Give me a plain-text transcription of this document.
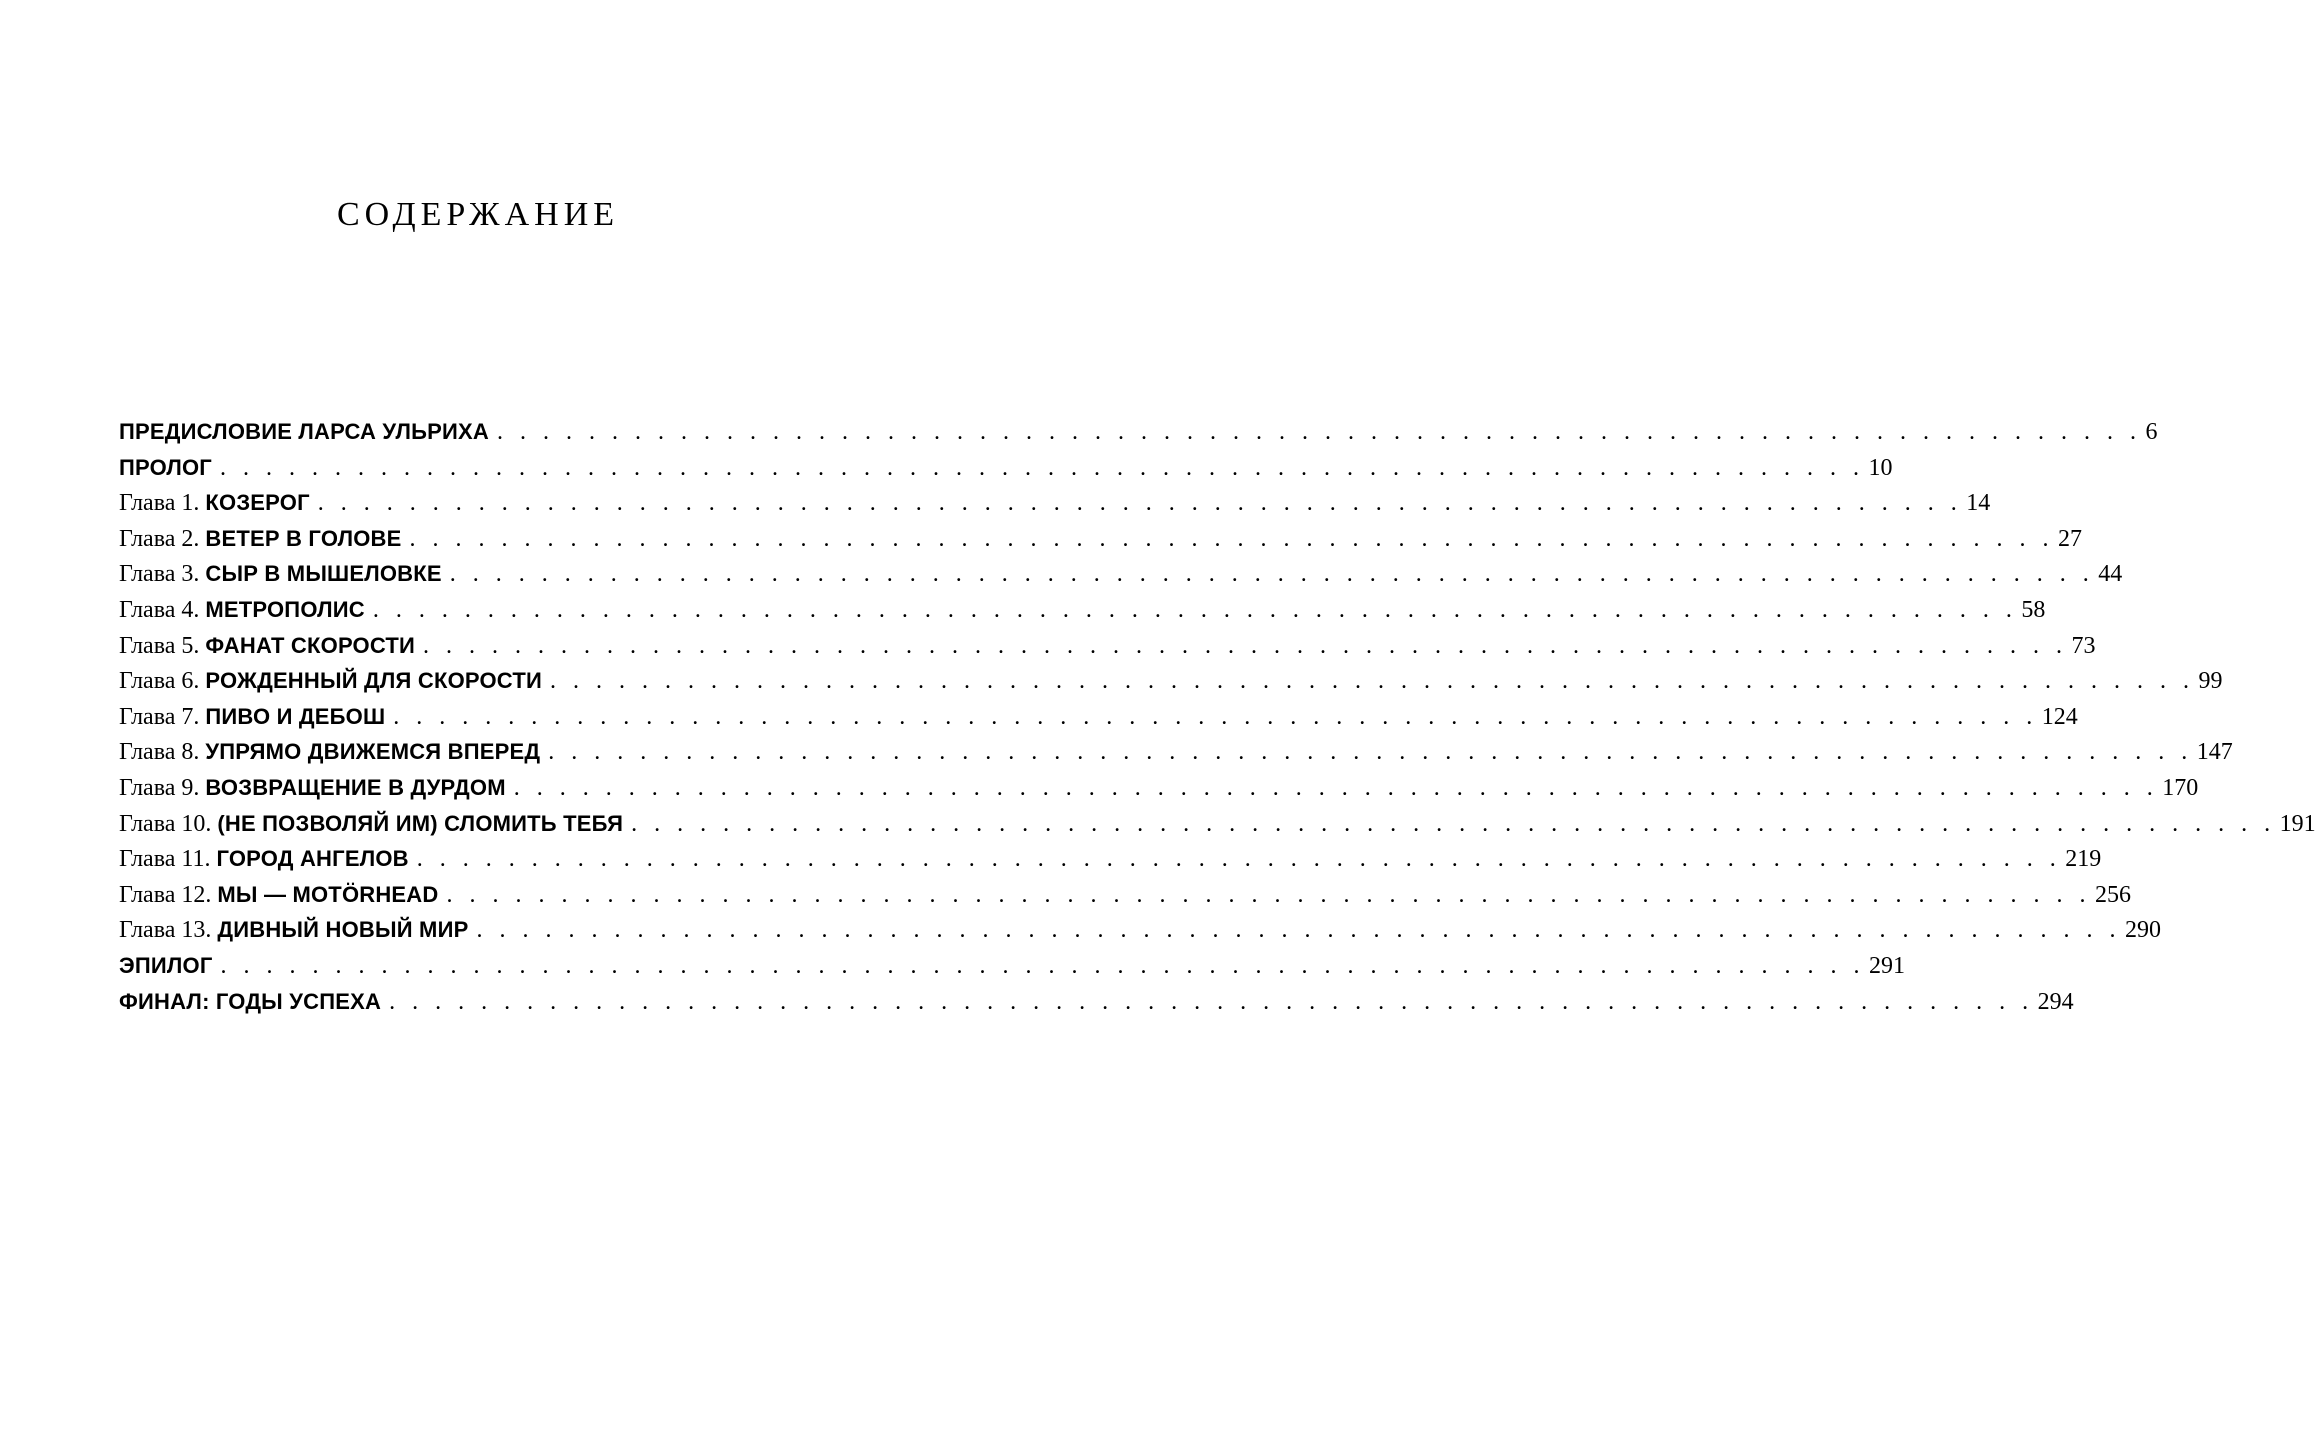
СОДЕРЖАНИЕ
ПРЕДИСЛОВИЕ ЛАРСА УЛЬРИХА . . . . . . . . . . . . . . . . . . . . . . . . . . . . . . . . . . . . . . . . . . . . . . . . . . . . . . . . . . . . . . . . . . . . . . . . 6
ПРОЛОГ . . . . . . . . . . . . . . . . . . . . . . . . . . . . . . . . . . . . . . . . . . . . . . . . . . . . . . . . . . . . . . . . . . . . . . . . 10
Глава 1. КОЗЕРОГ . . . . . . . . . . . . . . . . . . . . . . . . . . . . . . . . . . . . . . . . . . . . . . . . . . . . . . . . . . . . . . . . . . . . . . . . 14
Глава 2. ВЕТЕР В ГОЛОВЕ . . . . . . . . . . . . . . . . . . . . . . . . . . . . . . . . . . . . . . . . . . . . . . . . . . . . . . . . . . . . . . . . . . . . . . . . 27
Глава 3. СЫР В МЫШЕЛОВКЕ . . . . . . . . . . . . . . . . . . . . . . . . . . . . . . . . . . . . . . . . . . . . . . . . . . . . . . . . . . . . . . . . . . . . . . . . 44
Глава 4. МЕТРОПОЛИС . . . . . . . . . . . . . . . . . . . . . . . . . . . . . . . . . . . . . . . . . . . . . . . . . . . . . . . . . . . . . . . . . . . . . . . . 58
Глава 5. ФАНАТ СКОРОСТИ . . . . . . . . . . . . . . . . . . . . . . . . . . . . . . . . . . . . . . . . . . . . . . . . . . . . . . . . . . . . . . . . . . . . . . . . 73
Глава 6. РОЖДЕННЫЙ ДЛЯ СКОРОСТИ . . . . . . . . . . . . . . . . . . . . . . . . . . . . . . . . . . . . . . . . . . . . . . . . . . . . . . . . . . . . . . . . . . . . . . . . 99
Глава 7. ПИВО И ДЕБОШ . . . . . . . . . . . . . . . . . . . . . . . . . . . . . . . . . . . . . . . . . . . . . . . . . . . . . . . . . . . . . . . . . . . . . . . . 124
Глава 8. УПРЯМО ДВИЖЕМСЯ ВПЕРЕД . . . . . . . . . . . . . . . . . . . . . . . . . . . . . . . . . . . . . . . . . . . . . . . . . . . . . . . . . . . . . . . . . . . . . . . . 147
Глава 9. ВОЗВРАЩЕНИЕ В ДУРДОМ . . . . . . . . . . . . . . . . . . . . . . . . . . . . . . . . . . . . . . . . . . . . . . . . . . . . . . . . . . . . . . . . . . . . . . . . 170
Глава 10. (НЕ ПОЗВОЛЯЙ ИМ) СЛОМИТЬ ТЕБЯ . . . . . . . . . . . . . . . . . . . . . . . . . . . . . . . . . . . . . . . . . . . . . . . . . . . . . . . . . . . . . . . . . . . . . . . . 191
Глава 11. ГОРОД АНГЕЛОВ . . . . . . . . . . . . . . . . . . . . . . . . . . . . . . . . . . . . . . . . . . . . . . . . . . . . . . . . . . . . . . . . . . . . . . . . 219
Глава 12. МЫ — MOTÖRHEAD . . . . . . . . . . . . . . . . . . . . . . . . . . . . . . . . . . . . . . . . . . . . . . . . . . . . . . . . . . . . . . . . . . . . . . . . 256
Глава 13. ДИВНЫЙ НОВЫЙ МИР . . . . . . . . . . . . . . . . . . . . . . . . . . . . . . . . . . . . . . . . . . . . . . . . . . . . . . . . . . . . . . . . . . . . . . . . 290
ЭПИЛОГ . . . . . . . . . . . . . . . . . . . . . . . . . . . . . . . . . . . . . . . . . . . . . . . . . . . . . . . . . . . . . . . . . . . . . . . . 291
ФИНАЛ: ГОДЫ УСПЕХА . . . . . . . . . . . . . . . . . . . . . . . . . . . . . . . . . . . . . . . . . . . . . . . . . . . . . . . . . . . . . . . . . . . . . . . . 294
